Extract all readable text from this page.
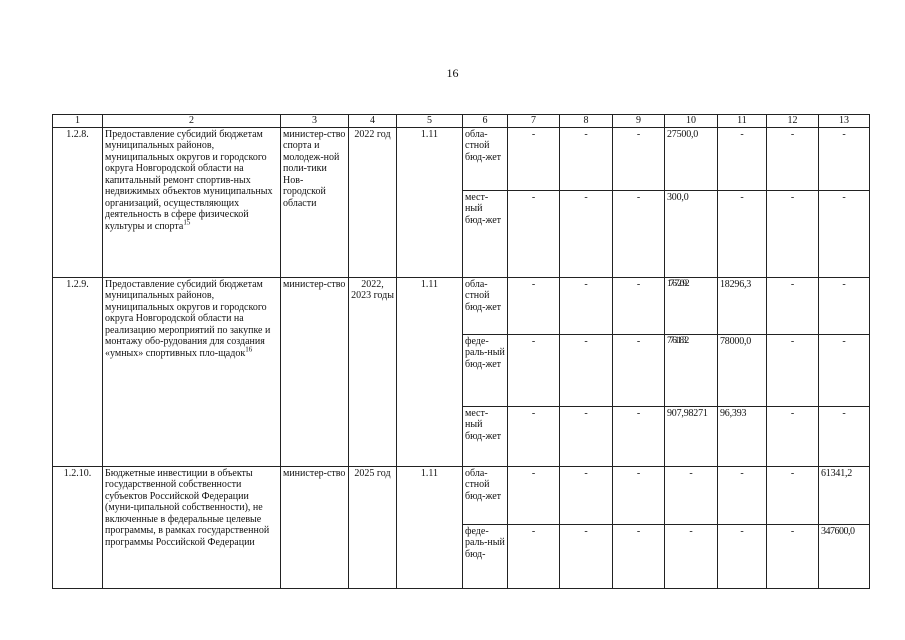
16
1	2	3	4	5	6	7	8	9	10	11	12	13
1.2.8.	Предоставление субсидий бюджетам муниципальных районов, муниципальных округов и городского округа Новгородской области на капитальный ремонт спортив-ных недвижимых объектов муниципальных организаций, осуществляющих деятельность в сфере физической культуры и спорта$^{15}$	министер-ство спорта и молодеж-ной поли-тики Нов-городской области	2022 год	1.11	облa-стной бюд-жет	-	-	-	27500,0	-	-	-
					мест-ный бюд-жет	-	-	-	300,0	-	-	-
1.2.9.	Предоставление субсидий бюджетам муниципальных районов, муниципальных округов и городского округа Новгородской области на реализацию мероприятий по закупке и монтажу обо-рудования для создания «умных» спортивных пло-щадок$^{16}$	министер-ство	2022, 2023 годы	1.11	обла-стной бюд-жет	-	-	-	17672092	18296,3	-	-
					феде-раль-ный бюд-жет	-	-	-	77611832	78000,0	-	-
					мест-ный бюд-жет	-	-	-	907,98271	96,393	-	-
1.2.10.	Бюджетные инвестиции в объекты государственной собственности субъектов Российской Федерации (муни-ципальной собственности), не включенные в федеральные целевые программы, в рамках государственной программы Российской Федерации	министер-ство	2025 год	1.11	обла-стной бюд-жет	-	-	-	-	-	-	61341,2
					феде-раль-ный бюд-	-	-	-	-	-	-	347600,0
